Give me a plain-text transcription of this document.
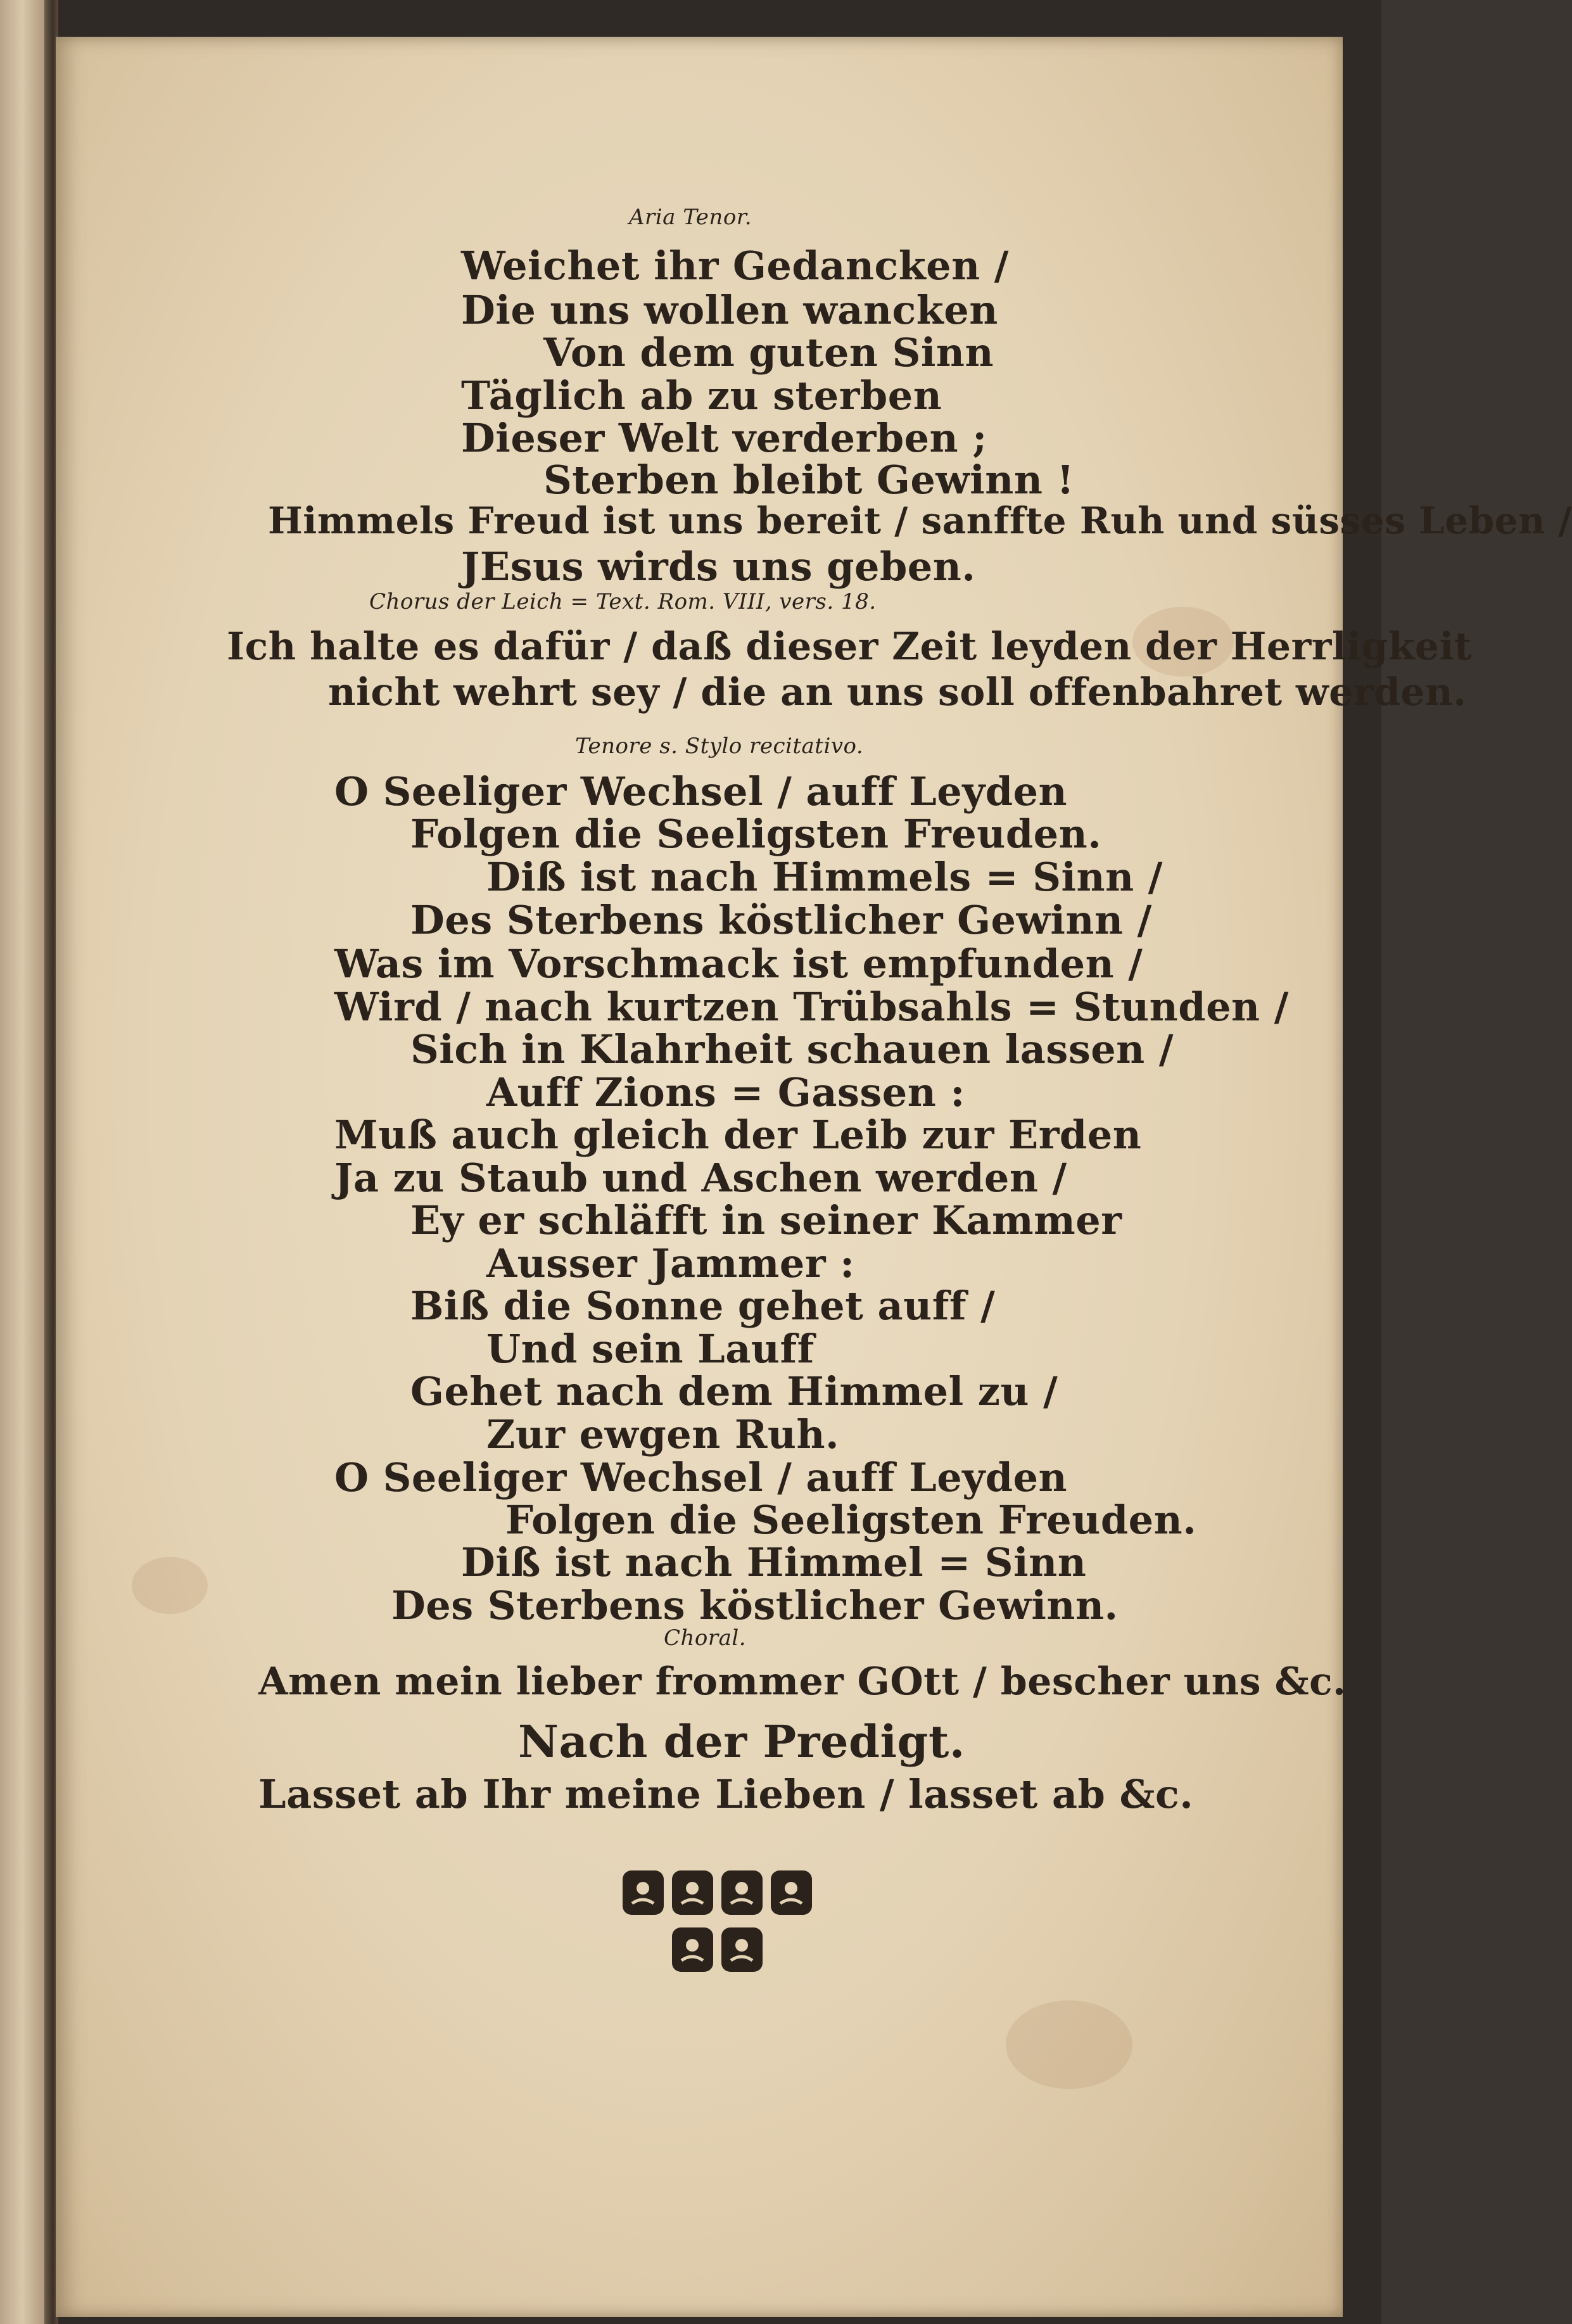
Aria Tenor.
Weichet ihr Gedancken /
Die uns wollen wancken
Von dem guten Sinn
Täglich ab zu sterben
Dieser Welt verderben ;
Sterben bleibt Gewinn !
Himmels Freud ist uns bereit / sanffte Ruh und süsses Leben /
JEsus wirds uns geben.
Chorus der Leich = Text. Rom. VIII, vers. 18.
Ich halte es dafür / daß dieser Zeit leyden der Herrligkeit
nicht wehrt sey / die an uns soll offenbahret werden.
Tenore s. Stylo recitativo.
O Seeliger Wechsel / auff Leyden
Folgen die Seeligsten Freuden.
Diß ist nach Himmels = Sinn /
Des Sterbens köstlicher Gewinn /
Was im Vorschmack ist empfunden /
Wird / nach kurtzen Trübsahls = Stunden /
Sich in Klahrheit schauen lassen /
Auff Zions = Gassen :
Muß auch gleich der Leib zur Erden
Ja zu Staub und Aschen werden /
Ey er schläfft in seiner Kammer
Ausser Jammer :
Biß die Sonne gehet auff /
Und sein Lauff
Gehet nach dem Himmel zu /
Zur ewgen Ruh.
O Seeliger Wechsel / auff Leyden
Folgen die Seeligsten Freuden.
Diß ist nach Himmel = Sinn
Des Sterbens köstlicher Gewinn.
Choral.
Amen mein lieber frommer GOtt / bescher uns &c.
Nach der Predigt.
Lasset ab Ihr meine Lieben / lasset ab &c.
